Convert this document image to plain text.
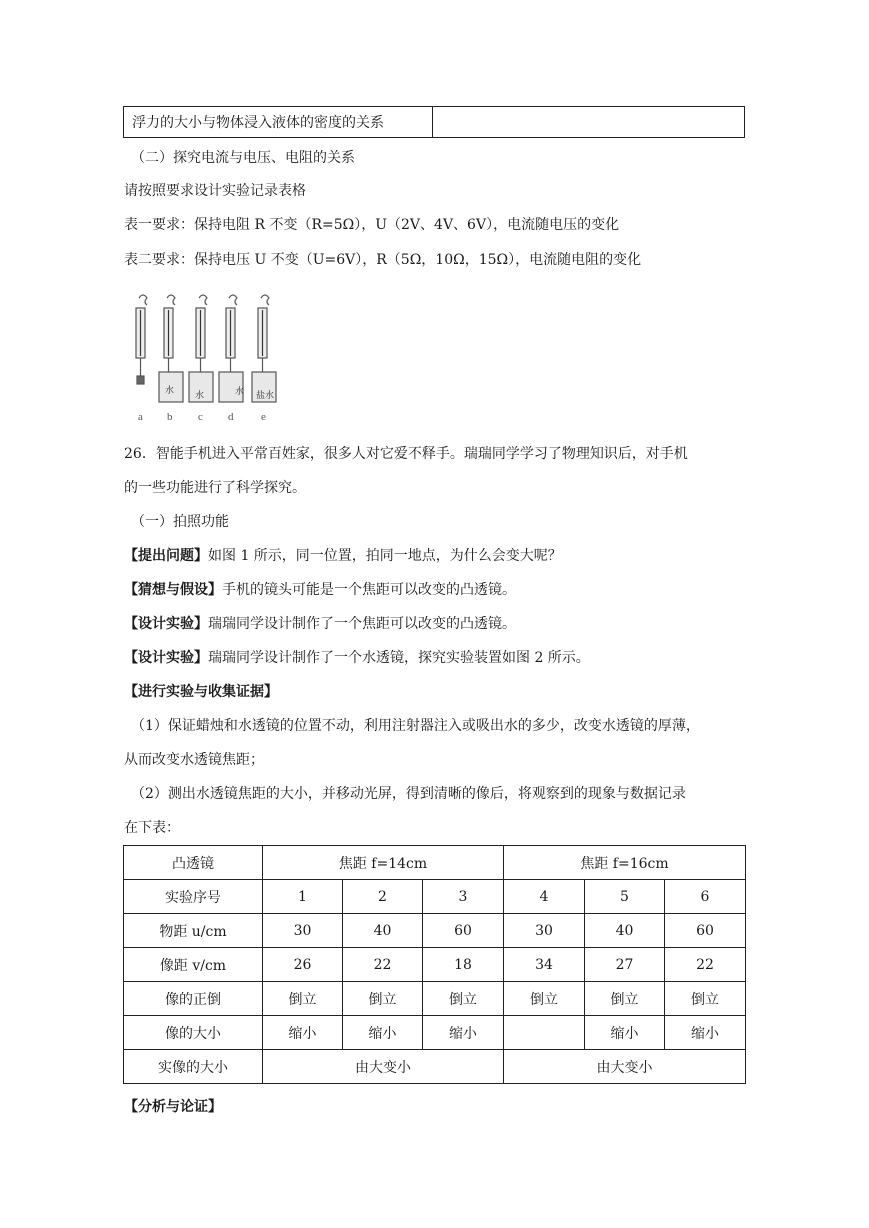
浮力的大小与物体浸入液体的密度的关系	
（二）探究电流与电压、电阻的关系
请按照要求设计实验记录表格
表一要求：保持电阻 R 不变（R=5Ω），U（2V、4V、6V），电流随电压的变化
表二要求：保持电压 U 不变（U=6V），R（5Ω，10Ω，15Ω），电流随电阻的变化
水 水	水 盐水
a b c d	e
26．智能手机进入平常百姓家，很多人对它爱不释手。瑞瑞同学学习了物理知识后，对手机
的一些功能进行了科学探究。
（一）拍照功能
【提出问题】如图 1 所示，同一位置，拍同一地点，为什么会变大呢？
【猜想与假设】手机的镜头可能是一个焦距可以改变的凸透镜。
【设计实验】瑞瑞同学设计制作了一个焦距可以改变的凸透镜。
【设计实验】瑞瑞同学设计制作了一个水透镜，探究实验装置如图 2 所示。
【进行实验与收集证据】
（1）保证蜡烛和水透镜的位置不动，利用注射器注入或吸出水的多少，改变水透镜的厚薄，
从而改变水透镜焦距；
（2）测出水透镜焦距的大小，并移动光屏，得到清晰的像后，将观察到的现象与数据记录
在下表：
凸透镜	焦距 f=14cm			焦距 f=16cm		
实验序号	1	2	3	4	5	6
物距 u/cm	30	40	60	30	40	60
像距 v/cm	26	22	18	34	27	22
像的正倒	倒立	倒立	倒立	倒立	倒立	倒立
像的大小	缩小	缩小	缩小		缩小	缩小
实像的大小	由大变小			由大变小		
【分析与论证】
